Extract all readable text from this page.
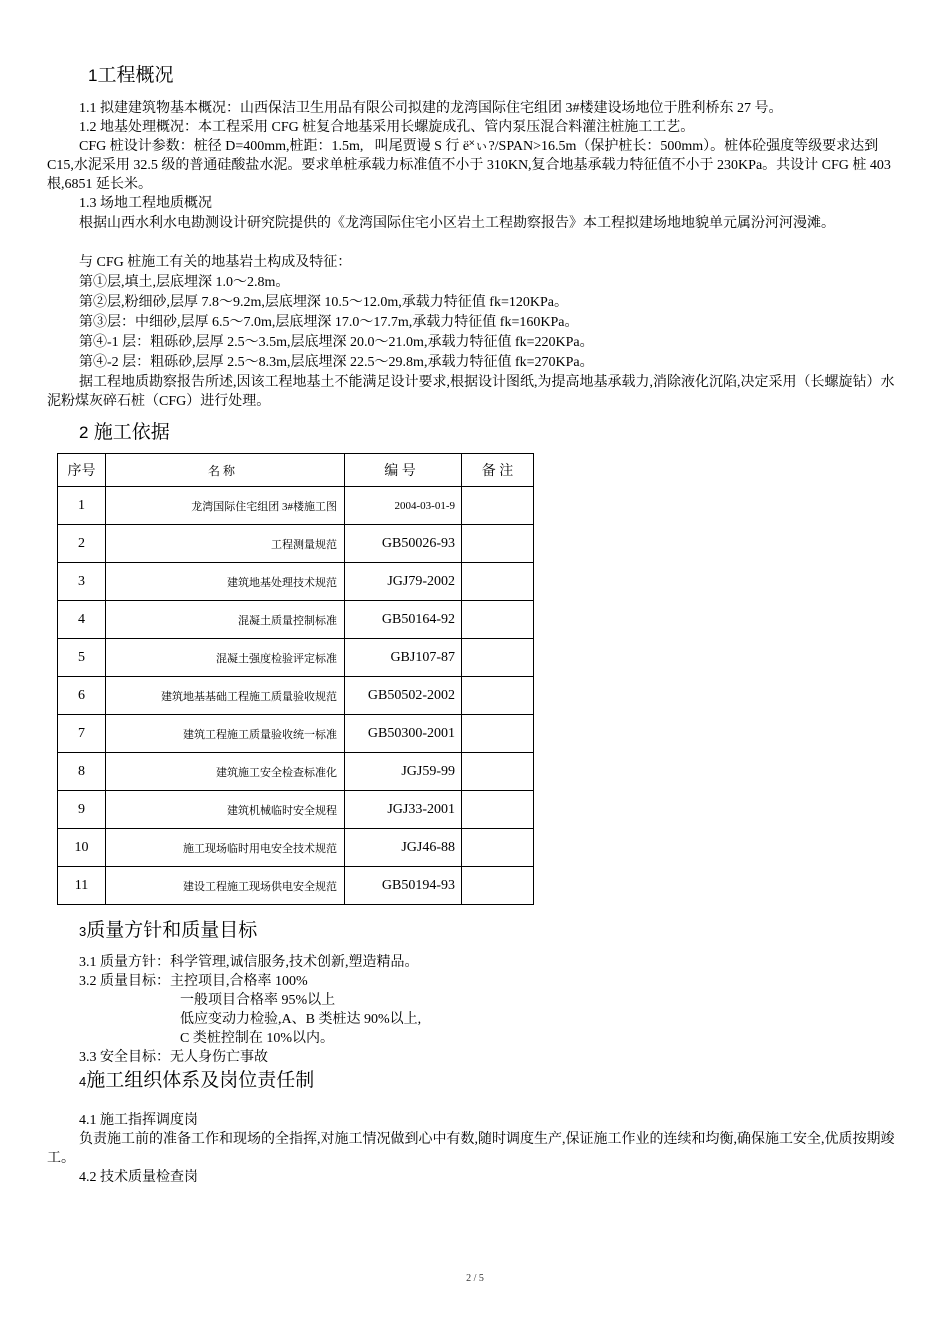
1工程概况
1.1 拟建建筑物基本概况：山西保洁卫生用品有限公司拟建的龙湾国际住宅组团 3#楼建设场地位于胜利桥东 27 号。
1.2 地基处理概况：本工程采用 CFG 桩复合地基采用长螺旋成孔、管内泵压混合料灌注桩施工工艺。
CFG 桩设计参数：桩径 D=400mm,桩距：1.5m,叫尾贾谩 S 行 ё˟ぃ?/SPAN>16.5m（保护桩长：500mm）。桩体砼强度等级要求达到 C15,水泥采用 32.5 级的普通硅酸盐水泥。要求单桩承载力标准值不小于 310KN,复合地基承载力特征值不小于 230KPa。共设计 CFG 桩 403 根,6851 延长米。
1.3 场地工程地质概况
根据山西水利水电勘测设计研究院提供的《龙湾国际住宅小区岩土工程勘察报告》本工程拟建场地地貌单元属汾河河漫滩。
与 CFG 桩施工有关的地基岩土构成及特征：
第①层,填土,层底埋深 1.0～2.8m。
第②层,粉细砂,层厚 7.8～9.2m,层底埋深 10.5～12.0m,承载力特征值 fk=120KPa。
第③层：中细砂,层厚 6.5～7.0m,层底埋深 17.0～17.7m,承载力特征值 fk=160KPa。
第④-1 层：粗砾砂,层厚 2.5～3.5m,层底埋深 20.0～21.0m,承载力特征值 fk=220KPa。
第④-2 层：粗砾砂,层厚 2.5～8.3m,层底埋深 22.5～29.8m,承载力特征值 fk=270KPa。
据工程地质勘察报告所述,因该工程地基土不能满足设计要求,根据设计图纸,为提高地基承载力,消除液化沉陷,决定采用（长螺旋钻）水泥粉煤灰碎石桩（CFG）进行处理。
2 施工依据
序号	名 称	编 号	备 注
1	龙湾国际住宅组团 3#楼施工图	2004-03-01-9	
2	工程测量规范	GB50026-93	
3	建筑地基处理技术规范	JGJ79-2002	
4	混凝土质量控制标准	GB50164-92	
5	混凝土强度检验评定标准	GBJ107-87	
6	建筑地基基础工程施工质量验收规范	GB50502-2002	
7	建筑工程施工质量验收统一标准	GB50300-2001	
8	建筑施工安全检查标准化	JGJ59-99	
9	建筑机械临时安全规程	JGJ33-2001	
10	施工现场临时用电安全技术规范	JGJ46-88	
11	建设工程施工现场供电安全规范	GB50194-93	
3质量方针和质量目标
3.1 质量方针：科学管理,诚信服务,技术创新,塑造精品。
3.2 质量目标：主控项目,合格率 100%
一般项目合格率 95%以上
低应变动力检验,A、B 类桩达 90%以上,
C 类桩控制在 10%以内。
3.3 安全目标：无人身伤亡事故
4施工组织体系及岗位责任制
4.1 施工指挥调度岗
负责施工前的准备工作和现场的全指挥,对施工情况做到心中有数,随时调度生产,保证施工作业的连续和均衡,确保施工安全,优质按期竣工。
4.2 技术质量检查岗
2 / 5
